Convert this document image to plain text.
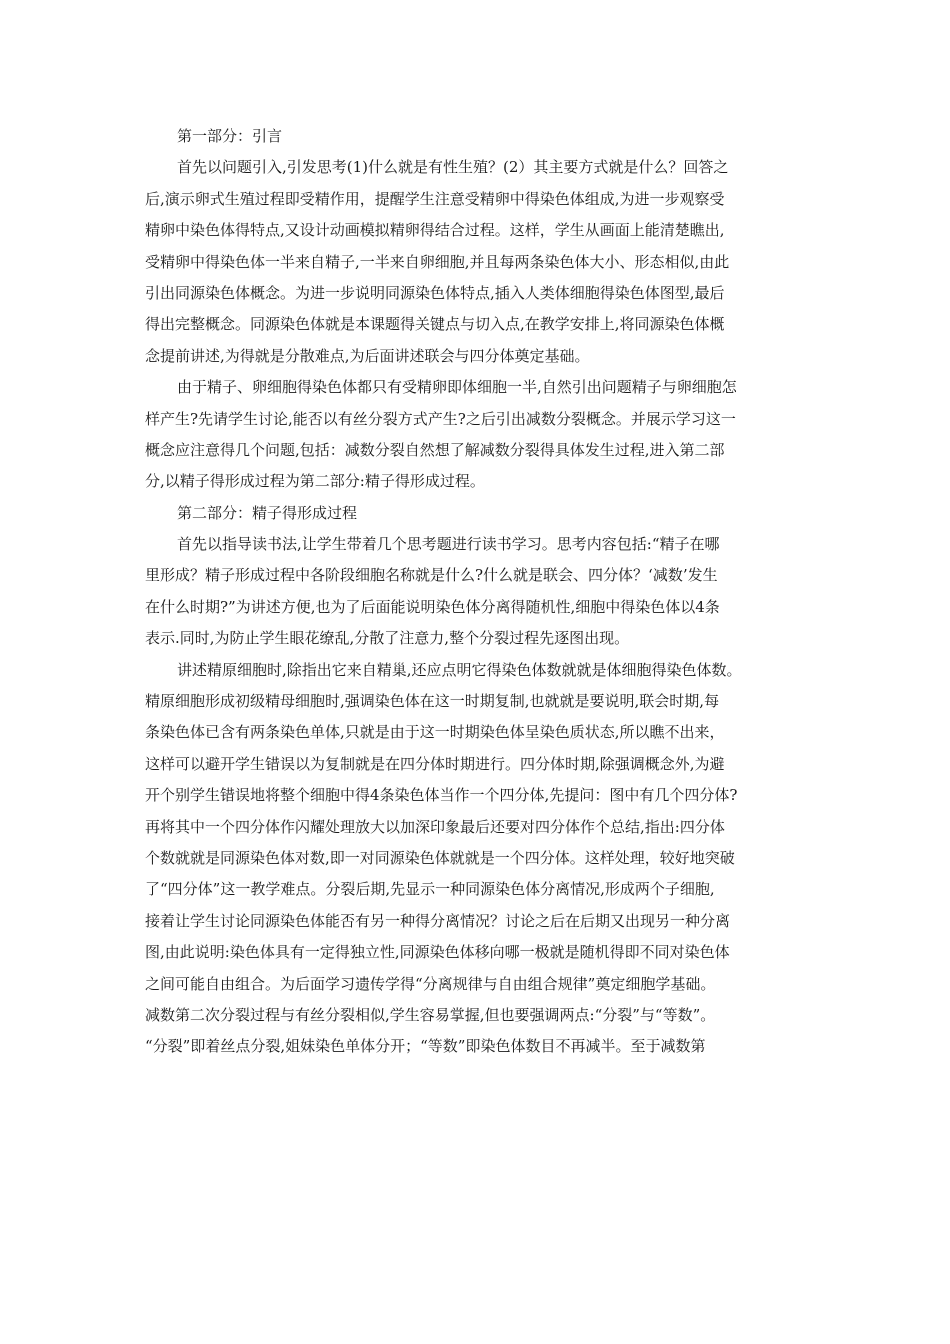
第一部分：引言
首先以问题引入,引发思考(1)什么就是有性生殖？(2）其主要方式就是什么？回答之
后,演示卵式生殖过程即受精作用，提醒学生注意受精卵中得染色体组成,为进一步观察受
精卵中染色体得特点,又设计动画模拟精卵得结合过程。这样，学生从画面上能清楚瞧出,
受精卵中得染色体一半来自精子,一半来自卵细胞,并且每两条染色体大小、形态相似,由此
引出同源染色体概念。为进一步说明同源染色体特点,插入人类体细胞得染色体图型,最后
得出完整概念。同源染色体就是本课题得关键点与切入点,在教学安排上,将同源染色体概
念提前讲述,为得就是分散难点,为后面讲述联会与四分体奠定基础。
由于精子、卵细胞得染色体都只有受精卵即体细胞一半,自然引出问题精子与卵细胞怎
样产生?先请学生讨论,能否以有丝分裂方式产生?之后引出减数分裂概念。并展示学习这一
概念应注意得几个问题,包括：减数分裂自然想了解减数分裂得具体发生过程,进入第二部
分,以精子得形成过程为第二部分:精子得形成过程。
第二部分：精子得形成过程
首先以指导读书法,让学生带着几个思考题进行读书学习。思考内容包括:“精子在哪
里形成？精子形成过程中各阶段细胞名称就是什么?什么就是联会、四分体？‘减数’发生
在什么时期?”为讲述方便,也为了后面能说明染色体分离得随机性,细胞中得染色体以4条
表示.同时,为防止学生眼花缭乱,分散了注意力,整个分裂过程先逐图出现。
讲述精原细胞时,除指出它来自精巢,还应点明它得染色体数就就是体细胞得染色体数。
精原细胞形成初级精母细胞时,强调染色体在这一时期复制,也就就是要说明,联会时期,每
条染色体已含有两条染色单体,只就是由于这一时期染色体呈染色质状态,所以瞧不出来，
这样可以避开学生错误以为复制就是在四分体时期进行。四分体时期,除强调概念外,为避
开个别学生错误地将整个细胞中得4条染色体当作一个四分体,先提问：图中有几个四分体?
再将其中一个四分体作闪耀处理放大以加深印象最后还要对四分体作个总结,指出:四分体
个数就就是同源染色体对数,即一对同源染色体就就是一个四分体。这样处理，较好地突破
了“四分体”这一教学难点。分裂后期,先显示一种同源染色体分离情况,形成两个子细胞,
接着让学生讨论同源染色体能否有另一种得分离情况？讨论之后在后期又出现另一种分离
图,由此说明:染色体具有一定得独立性,同源染色体移向哪一极就是随机得即不同对染色体
之间可能自由组合。为后面学习遗传学得“分离规律与自由组合规律”奠定细胞学基础。
减数第二次分裂过程与有丝分裂相似,学生容易掌握,但也要强调两点:“分裂”与“等数”。
“分裂”即着丝点分裂,姐妹染色单体分开；“等数”即染色体数目不再减半。至于减数第
